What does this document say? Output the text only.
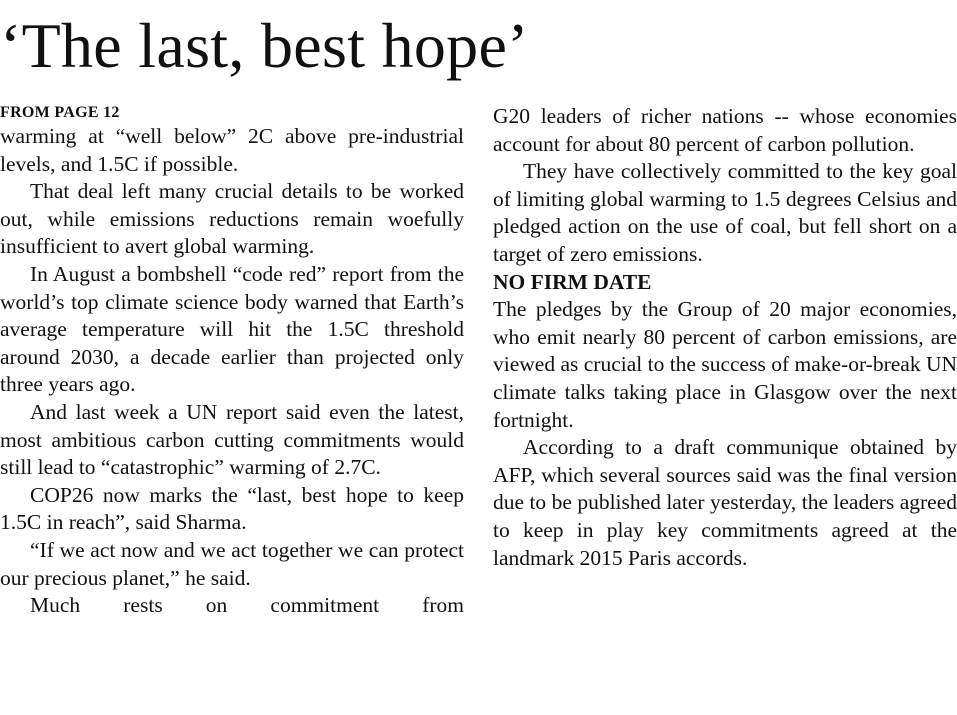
‘The last, best hope’
FROM PAGE 12

warming at “well below” 2C above pre-industrial levels, and 1.5C if possible.

That deal left many crucial details to be worked out, while emissions reductions remain woefully insufficient to avert global warming.

In August a bombshell “code red” report from the world’s top climate science body warned that Earth’s average temperature will hit the 1.5C threshold around 2030, a decade earlier than projected only three years ago.

And last week a UN report said even the latest, most ambitious carbon cutting commitments would still lead to “catastrophic” warming of 2.7C.

COP26 now marks the “last, best hope to keep 1.5C in reach”, said Sharma.

“If we act now and we act together we can protect our precious planet,” he said.

Much rests on commitment from

G20 leaders of richer nations -- whose economies account for about 80 percent of carbon pollution.

They have collectively committed to the key goal of limiting global warming to 1.5 degrees Celsius and pledged action on the use of coal, but fell short on a target of zero emissions.

NO FIRM DATE

The pledges by the Group of 20 major economies, who emit nearly 80 percent of carbon emissions, are viewed as crucial to the success of make-or-break UN climate talks taking place in Glasgow over the next fortnight.

According to a draft communique obtained by AFP, which several sources said was the final version due to be published later yesterday, the leaders agreed to keep in play key commitments agreed at the landmark 2015 Paris accords.
